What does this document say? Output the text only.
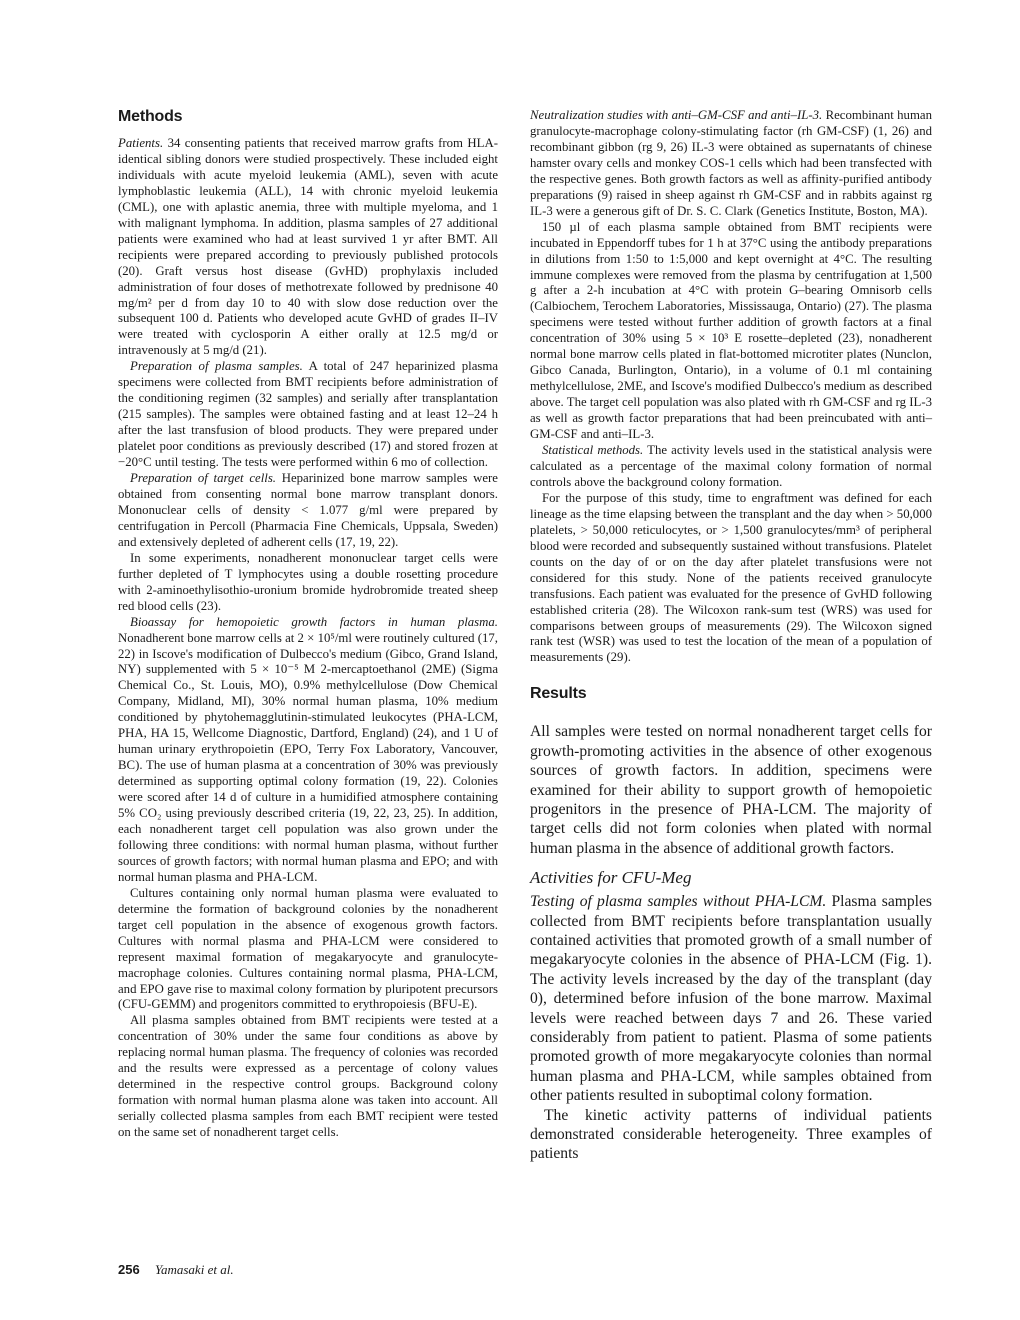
Methods

Patients. 34 consenting patients that received marrow grafts from HLA-identical sibling donors were studied prospectively. These included eight individuals with acute myeloid leukemia (AML), seven with acute lymphoblastic leukemia (ALL), 14 with chronic myeloid leukemia (CML), one with aplastic anemia, three with multiple myeloma, and 1 with malignant lymphoma. In addition, plasma samples of 27 additional patients were examined who had at least survived 1 yr after BMT. All recipients were prepared according to previously published protocols (20). Graft versus host disease (GvHD) prophylaxis included administration of four doses of methotrexate followed by prednisone 40 mg/m² per d from day 10 to 40 with slow dose reduction over the subsequent 100 d. Patients who developed acute GvHD of grades II–IV were treated with cyclosporin A either orally at 12.5 mg/d or intravenously at 5 mg/d (21).

Preparation of plasma samples. A total of 247 heparinized plasma specimens were collected from BMT recipients before administration of the conditioning regimen (32 samples) and serially after transplantation (215 samples). The samples were obtained fasting and at least 12–24 h after the last transfusion of blood products. They were prepared under platelet poor conditions as previously described (17) and stored frozen at −20°C until testing. The tests were performed within 6 mo of collection.

Preparation of target cells. Heparinized bone marrow samples were obtained from consenting normal bone marrow transplant donors. Mononuclear cells of density < 1.077 g/ml were prepared by centrifugation in Percoll (Pharmacia Fine Chemicals, Uppsala, Sweden) and extensively depleted of adherent cells (17, 19, 22).

In some experiments, nonadherent mononuclear target cells were further depleted of T lymphocytes using a double rosetting procedure with 2-aminoethylisothio-uronium bromide hydrobromide treated sheep red blood cells (23).

Bioassay for hemopoietic growth factors in human plasma. Nonadherent bone marrow cells at 2 × 10⁵/ml were routinely cultured (17, 22) in Iscove's modification of Dulbecco's medium (Gibco, Grand Island, NY) supplemented with 5 × 10⁻⁵ M 2-mercaptoethanol (2ME) (Sigma Chemical Co., St. Louis, MO), 0.9% methylcellulose (Dow Chemical Company, Midland, MI), 30% normal human plasma, 10% medium conditioned by phytohemagglutinin-stimulated leukocytes (PHA-LCM, PHA, HA 15, Wellcome Diagnostic, Dartford, England) (24), and 1 U of human urinary erythropoietin (EPO, Terry Fox Laboratory, Vancouver, BC). The use of human plasma at a concentration of 30% was previously determined as supporting optimal colony formation (19, 22). Colonies were scored after 14 d of culture in a humidified atmosphere containing 5% CO₂ using previously described criteria (19, 22, 23, 25). In addition, each nonadherent target cell population was also grown under the following three conditions: with normal human plasma, without further sources of growth factors; with normal human plasma and EPO; and with normal human plasma and PHA-LCM.

Cultures containing only normal human plasma were evaluated to determine the formation of background colonies by the nonadherent target cell population in the absence of exogenous growth factors. Cultures with normal plasma and PHA-LCM were considered to represent maximal formation of megakaryocyte and granulocyte-macrophage colonies. Cultures containing normal plasma, PHA-LCM, and EPO gave rise to maximal colony formation by pluripotent precursors (CFU-GEMM) and progenitors committed to erythropoiesis (BFU-E).

All plasma samples obtained from BMT recipients were tested at a concentration of 30% under the same four conditions as above by replacing normal human plasma. The frequency of colonies was recorded and the results were expressed as a percentage of colony values determined in the respective control groups. Background colony formation with normal human plasma alone was taken into account. All serially collected plasma samples from each BMT recipient were tested on the same set of nonadherent target cells.

Neutralization studies with anti–GM-CSF and anti–IL-3. Recombinant human granulocyte-macrophage colony-stimulating factor (rh GM-CSF) (1, 26) and recombinant gibbon (rg 9, 26) IL-3 were obtained as supernatants of chinese hamster ovary cells and monkey COS-1 cells which had been transfected with the respective genes. Both growth factors as well as affinity-purified antibody preparations (9) raised in sheep against rh GM-CSF and in rabbits against rg IL-3 were a generous gift of Dr. S. C. Clark (Genetics Institute, Boston, MA).

150 µl of each plasma sample obtained from BMT recipients were incubated in Eppendorff tubes for 1 h at 37°C using the antibody preparations in dilutions from 1:50 to 1:5,000 and kept overnight at 4°C. The resulting immune complexes were removed from the plasma by centrifugation at 1,500 g after a 2-h incubation at 4°C with protein G–bearing Omnisorb cells (Calbiochem, Terochem Laboratories, Mississauga, Ontario) (27). The plasma specimens were tested without further addition of growth factors at a final concentration of 30% using 5 × 10³ E rosette–depleted (23), nonadherent normal bone marrow cells plated in flat-bottomed microtiter plates (Nunclon, Gibco Canada, Burlington, Ontario), in a volume of 0.1 ml containing methylcellulose, 2ME, and Iscove's modified Dulbecco's medium as described above. The target cell population was also plated with rh GM-CSF and rg IL-3 as well as growth factor preparations that had been preincubated with anti–GM-CSF and anti–IL-3.

Statistical methods. The activity levels used in the statistical analysis were calculated as a percentage of the maximal colony formation of normal controls above the background colony formation.

For the purpose of this study, time to engraftment was defined for each lineage as the time elapsing between the transplant and the day when > 50,000 platelets, > 50,000 reticulocytes, or > 1,500 granulocytes/mm³ of peripheral blood were recorded and subsequently sustained without transfusions. Platelet counts on the day of or on the day after platelet transfusions were not considered for this study. None of the patients received granulocyte transfusions. Each patient was evaluated for the presence of GvHD following established criteria (28). The Wilcoxon rank-sum test (WRS) was used for comparisons between groups of measurements (29). The Wilcoxon signed rank test (WSR) was used to test the location of the mean of a population of measurements (29).

Results

All samples were tested on normal nonadherent target cells for growth-promoting activities in the absence of other exogenous sources of growth factors. In addition, specimens were examined for their ability to support growth of hemopoietic progenitors in the presence of PHA-LCM. The majority of target cells did not form colonies when plated with normal human plasma in the absence of additional growth factors.

Activities for CFU-Meg

Testing of plasma samples without PHA-LCM. Plasma samples collected from BMT recipients before transplantation usually contained activities that promoted growth of a small number of megakaryocyte colonies in the absence of PHA-LCM (Fig. 1). The activity levels increased by the day of the transplant (day 0), determined before infusion of the bone marrow. Maximal levels were reached between days 7 and 26. These varied considerably from patient to patient. Plasma of some patients promoted growth of more megakaryocyte colonies than normal human plasma and PHA-LCM, while samples obtained from other patients resulted in suboptimal colony formation.

The kinetic activity patterns of individual patients demonstrated considerable heterogeneity. Three examples of patients

256 Yamasaki et al.
